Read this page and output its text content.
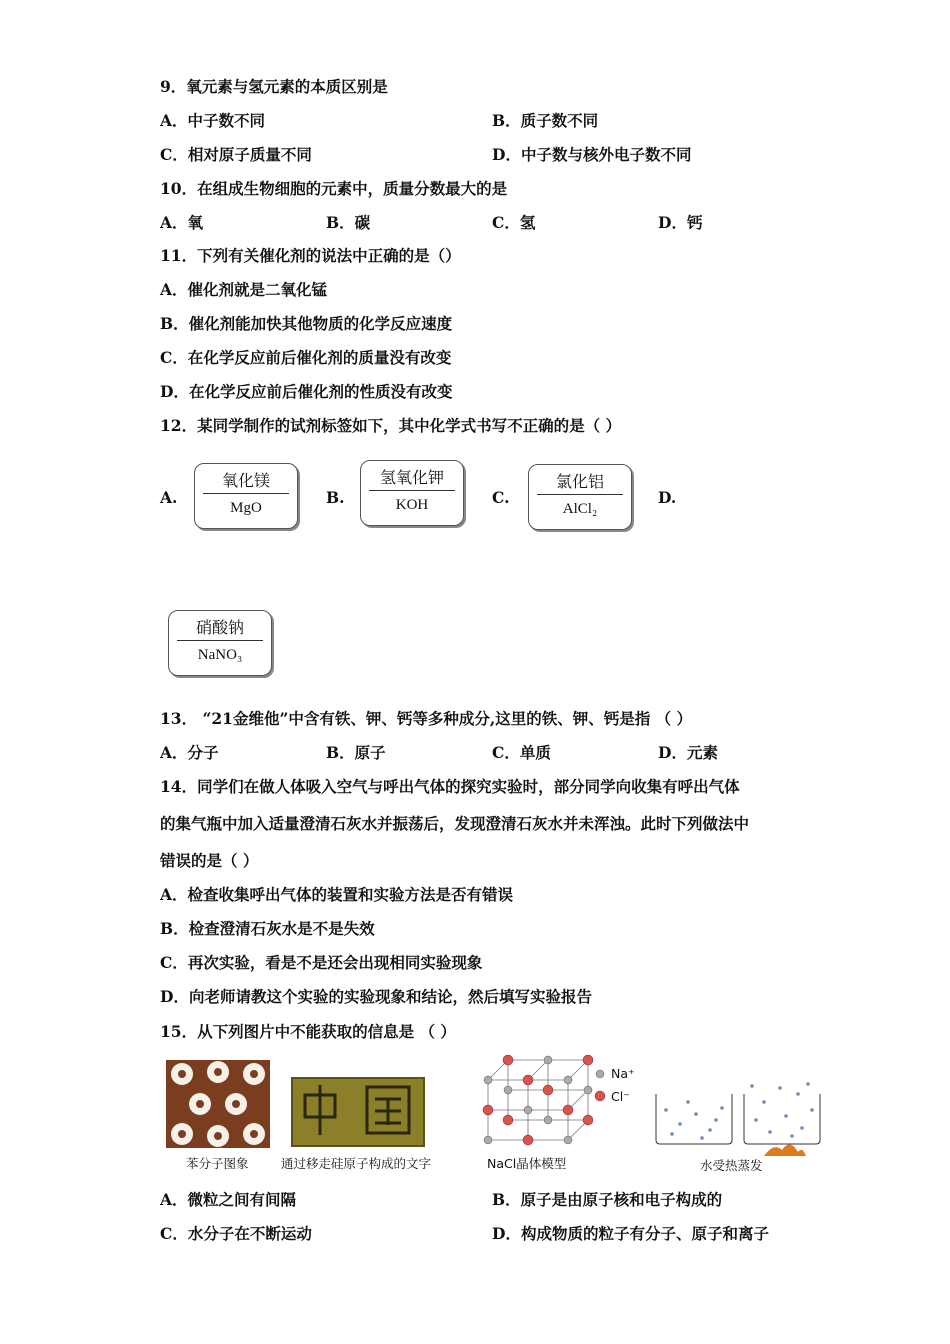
9．氧元素与氢元素的本质区别是
A．中子数不同	B．质子数不同
C．相对原子质量不同	D．中子数与核外电子数不同
10．在组成生物细胞的元素中，质量分数最大的是
A．氧	B．碳	C．氢	D．钙
11．下列有关催化剂的说法中正确的是（）
A．催化剂就是二氧化锰
B．催化剂能加快其他物质的化学反应速度
C．在化学反应前后催化剂的质量没有改变
D．在化学反应前后催化剂的性质没有改变
12．某同学制作的试剂标签如下，其中化学式书写不正确的是（ ）
A.
氧化镁
MgO
B.
氢氧化钾
KOH	C.
氯化铝
AlCl₂
D.
硝酸钠
NaNO₃
13． “21金维他”中含有铁、钾、钙等多种成分,这里的铁、钾、钙是指 （ ）
A．分子	B．原子	C．单质	D．元素
14．同学们在做人体吸入空气与呼出气体的探究实验时，部分同学向收集有呼出气体
的集气瓶中加入适量澄清石灰水并振荡后，发现澄清石灰水并未浑浊。此时下列做法中
错误的是（ ）
A．检查收集呼出气体的装置和实验方法是否有错误
B．检查澄清石灰水是不是失效
C．再次实验，看是不是还会出现相同实验现象
D．向老师请教这个实验的实验现象和结论，然后填写实验报告
15．从下列图片中不能获取的信息是 （ ）
苯分子图象	通过移走硅原子构成的文字
Na⁺
Cl⁻
NaCl晶体模型	水受热蒸发
A．微粒之间有间隔	B．原子是由原子核和电子构成的
C．水分子在不断运动	D．构成物质的粒子有分子、原子和离子
